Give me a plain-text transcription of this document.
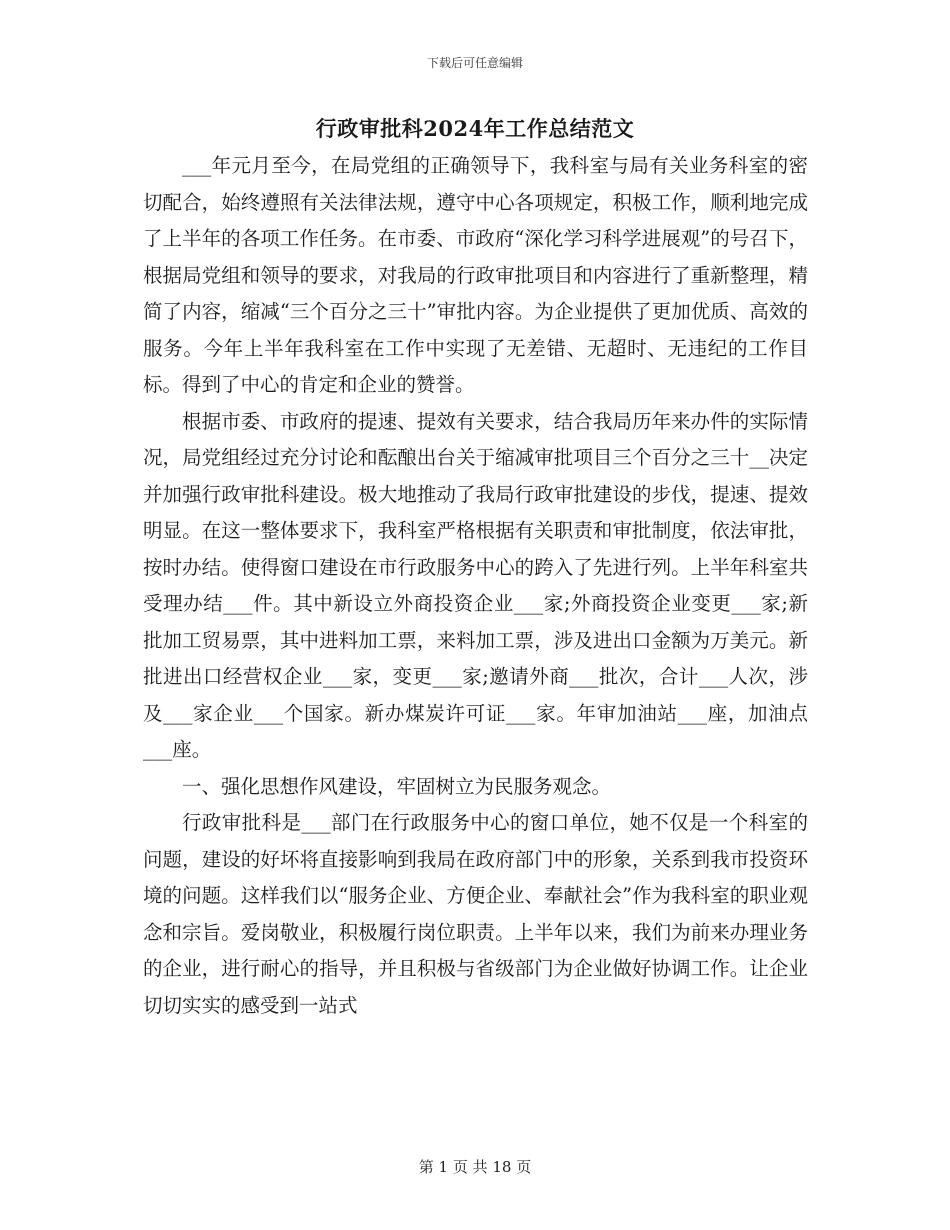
下载后可任意编辑
行政审批科2024年工作总结范文

___年元月至今，在局党组的正确领导下，我科室与局有关业务科室的密切配合，始终遵照有关法律法规，遵守中心各项规定，积极工作，顺利地完成了上半年的各项工作任务。在市委、市政府“深化学习科学进展观”的号召下，根据局党组和领导的要求，对我局的行政审批项目和内容进行了重新整理，精简了内容，缩减“三个百分之三十”审批内容。为企业提供了更加优质、高效的服务。今年上半年我科室在工作中实现了无差错、无超时、无违纪的工作目标。得到了中心的肯定和企业的赞誉。

根据市委、市政府的提速、提效有关要求，结合我局历年来办件的实际情况，局党组经过充分讨论和酝酿出台关于缩减审批项目三个百分之三十__决定并加强行政审批科建设。极大地推动了我局行政审批建设的步伐，提速、提效明显。在这一整体要求下，我科室严格根据有关职责和审批制度，依法审批，按时办结。使得窗口建设在市行政服务中心的跨入了先进行列。上半年科室共受理办结___件。其中新设立外商投资企业___家;外商投资企业变更___家;新批加工贸易票，其中进料加工票，来料加工票，涉及进出口金额为万美元。新批进出口经营权企业___家，变更___家;邀请外商___批次，合计___人次，涉及___家企业___个国家。新办煤炭许可证___家。年审加油站___座，加油点___座。

一、强化思想作风建设，牢固树立为民服务观念。

行政审批科是___部门在行政服务中心的窗口单位，她不仅是一个科室的问题，建设的好坏将直接影响到我局在政府部门中的形象，关系到我市投资环境的问题。这样我们以“服务企业、方便企业、奉献社会”作为我科室的职业观念和宗旨。爱岗敬业，积极履行岗位职责。上半年以来，我们为前来办理业务的企业，进行耐心的指导，并且积极与省级部门为企业做好协调工作。让企业切切实实的感受到一站式

第 1 页 共 18 页
